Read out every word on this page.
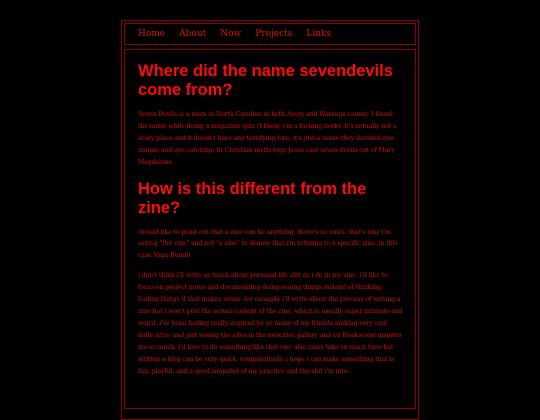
Home About Now Projects Links
Where did the name sevendevils come from?

Seven Devils is a town in North Carolina in both Avery and Watauga county. I found the name while doing a magazine quiz (I know, i'm a fucking dork). It's actually not a scary place and it doesn't have any terrifying lore, it's just a name they decided was unique and eye catching. In Christian mythology Jesus cast seven devils out of Mary Magdalene.

How is this different from the zine?

(would like to point out that a zine can be anything, there's no rules. that's why i'm saying "the zine" and not "a zine" to denote that i'm refering to a specific zine. in this case Vaga Bundi)

i don't think i'll write as much about personal life shit as i do in my zine, i'd like to focus on project notes and documenting doing-seeing things instead of thinking-feeling things if that makes sense. for example i'll write about the process of writing a zine but i won't post the actual content of the zine, which is usually super intimate and weird. i've been feeling really inspired by so many of my friends making very cool indie sites, and just seeing the sites in the neocities gallery and on freakscene inspires me so much. i'd love to do something like that too! also zines take so much time but writing a blog can be very quick, comparatively. i hope i can make something that is fun, playful, and a good snapshot of my practice and the shit i'm into.
